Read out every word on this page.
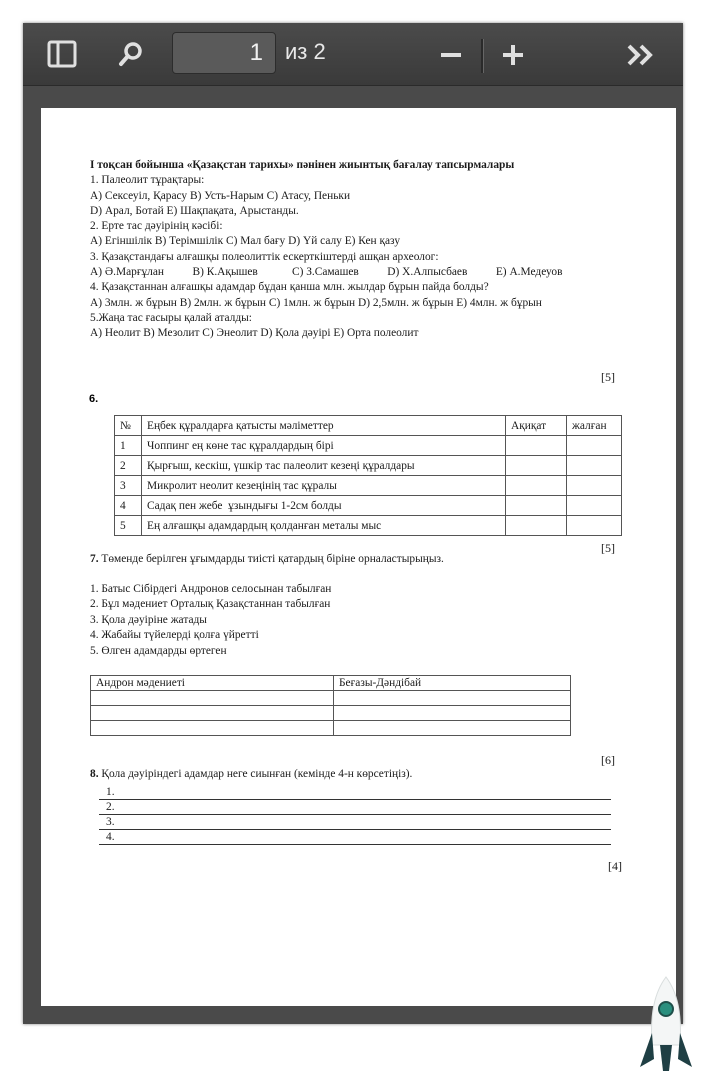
1	из 2
І тоқсан бойынша «Қазақстан тарихы» пәнінен жиынтық бағалау тапсырмалары
1. Палеолит тұрақтары:
А) Сексеуіл, Қарасу В) Усть-Нарым С) Атасу, Пеньки
D) Арал, Ботай Е) Шақпақата, Арыстанды.
2. Ерте тас дәуірінің кәсібі:
А) Егіншілік В) Терімшілік С) Мал бағу D) Үй салу Е) Кен қазу
3. Қазақстандағы алғашқы полеолиттік ескерткіштерді ашқан археолог:
А) Ә.Марғұлан          В) К.Ақышев            С) З.Самашев          D) Х.Алпысбаев          Е) А.Медеуов
4. Қазақстаннан алғашқы адамдар бұдан қанша млн. жылдар бұрын пайда болды?
А) 3млн. ж бұрын В) 2млн. ж бұрын С) 1млн. ж бұрын D) 2,5млн. ж бұрын Е) 4млн. ж бұрын
5.Жаңа тас ғасыры қалай аталды:
А) Неолит В) Мезолит С) Энеолит D) Қола дәуірі Е) Орта полеолит
[5]
6.
№	Еңбек құралдарға қатысты мәліметтер	Ақиқат	жалған
1	Чоппинг ең көне тас құралдардың бірі		
2	Қырғыш, кескіш, үшкір тас палеолит кезеңі құралдары		
3	Микролит неолит кезеңінің тас құралы		
4	Садақ пен жебе  ұзындығы 1-2см болды		
5	Ең алғашқы адамдардың қолданған металы мыс		
[5]
7. Төменде берілген ұғымдарды тиісті қатардың біріне орналастырыңыз.
1. Батыс Сібірдегі Андронов селосынан табылған
2. Бұл мәдениет Орталық Қазақстаннан табылған
3. Қола дәуіріне жатады
4. Жабайы түйелерді қолға үйретті
5. Өлген адамдарды өртеген
Андрон мәдениеті	Беғазы-Дәндібай

[6]
8. Қола дәуіріндегі адамдар неге сиынған (кемінде 4-н көрсетіңіз).
1.
2.
3.
4.
[4]
